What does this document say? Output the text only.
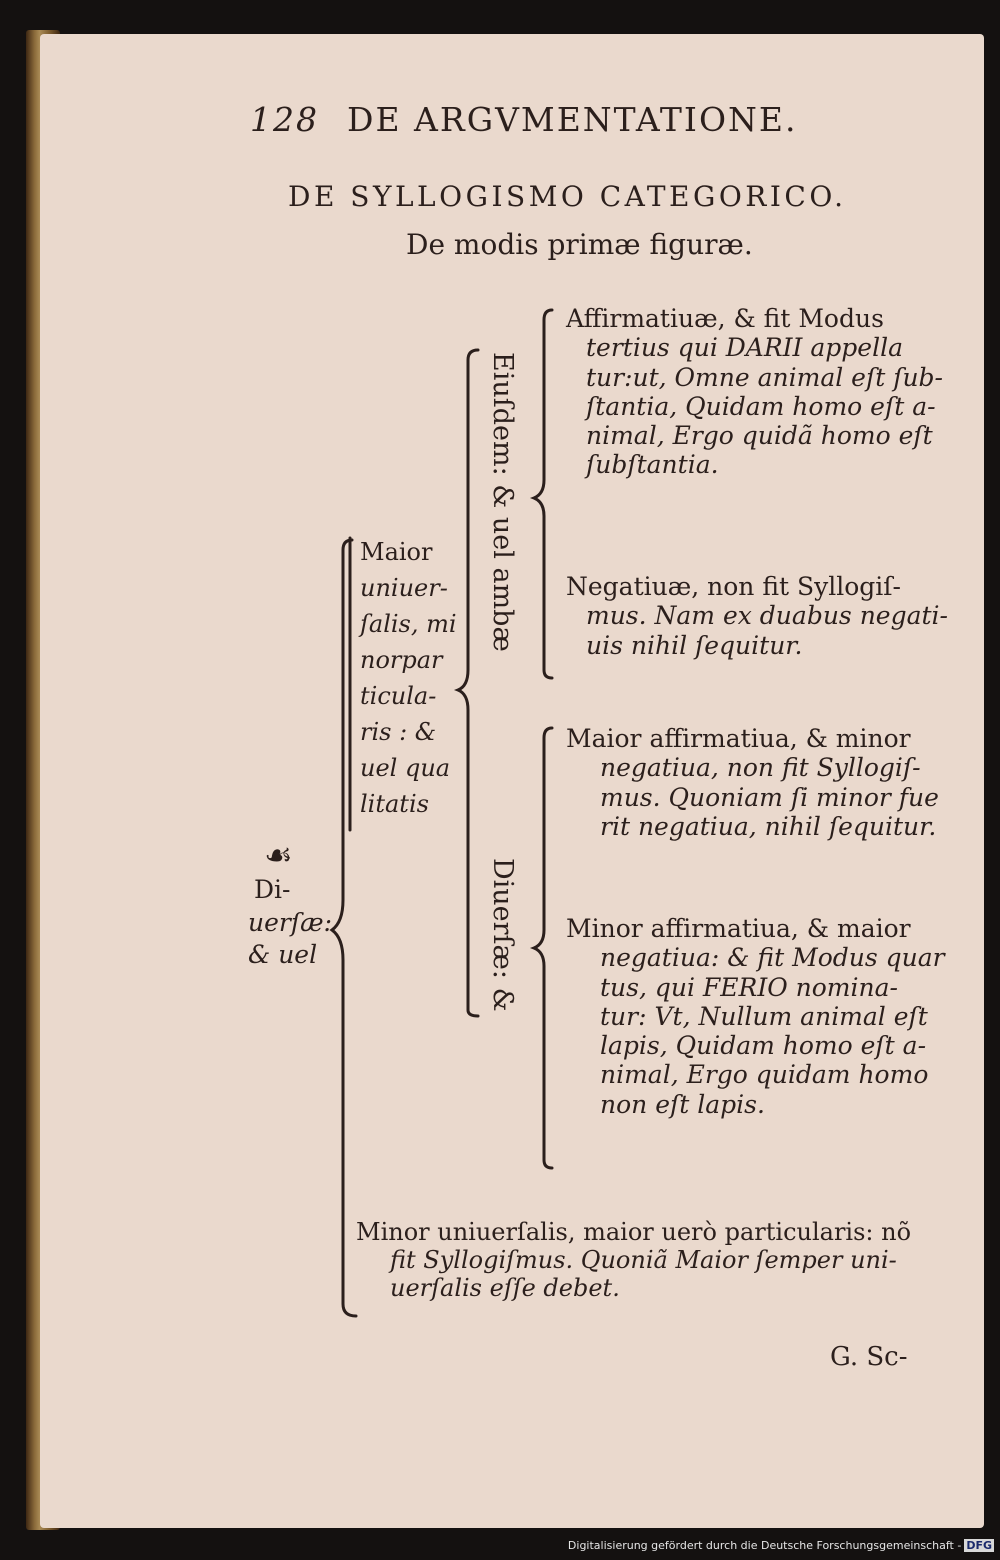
128 DE ARGVMENTATIONE.
DE SYLLOGISMO CATEGORICO.
De modis primæ figuræ.
☙
Di-
uerſæ:
& uel
Maior
uniuer-
ſalis, mi
norpar
ticula-
ris : &
uel qua
litatis
Eiuſdem: & uel ambæ
Diuerſæ: &
Affirmatiuæ, & fit Modus
tertius qui DARII appella
tur:ut, Omne animal eſt ſub-
ſtantia, Quidam homo eſt a-
nimal, Ergo quidã homo eſt
ſubſtantia.
Negatiuæ, non fit Syllogiſ-
mus. Nam ex duabus negati-
uis nihil ſequitur.
Maior affirmatiua, & minor
negatiua, non fit Syllogiſ-
mus. Quoniam ſi minor fue
rit negatiua, nihil ſequitur.
Minor affirmatiua, & maior
negatiua: & fit Modus quar
tus, qui FERIO nomina-
tur: Vt, Nullum animal eſt
lapis, Quidam homo eſt a-
nimal, Ergo quidam homo
non eſt lapis.
Minor uniuerſalis, maior uerò particularis: nõ
fit Syllogiſmus. Quoniã Maior ſemper uni-
uerſalis eſſe debet.
G. Sc-
Digitalisierung gefördert durch die Deutsche Forschungsgemeinschaft - DFG
